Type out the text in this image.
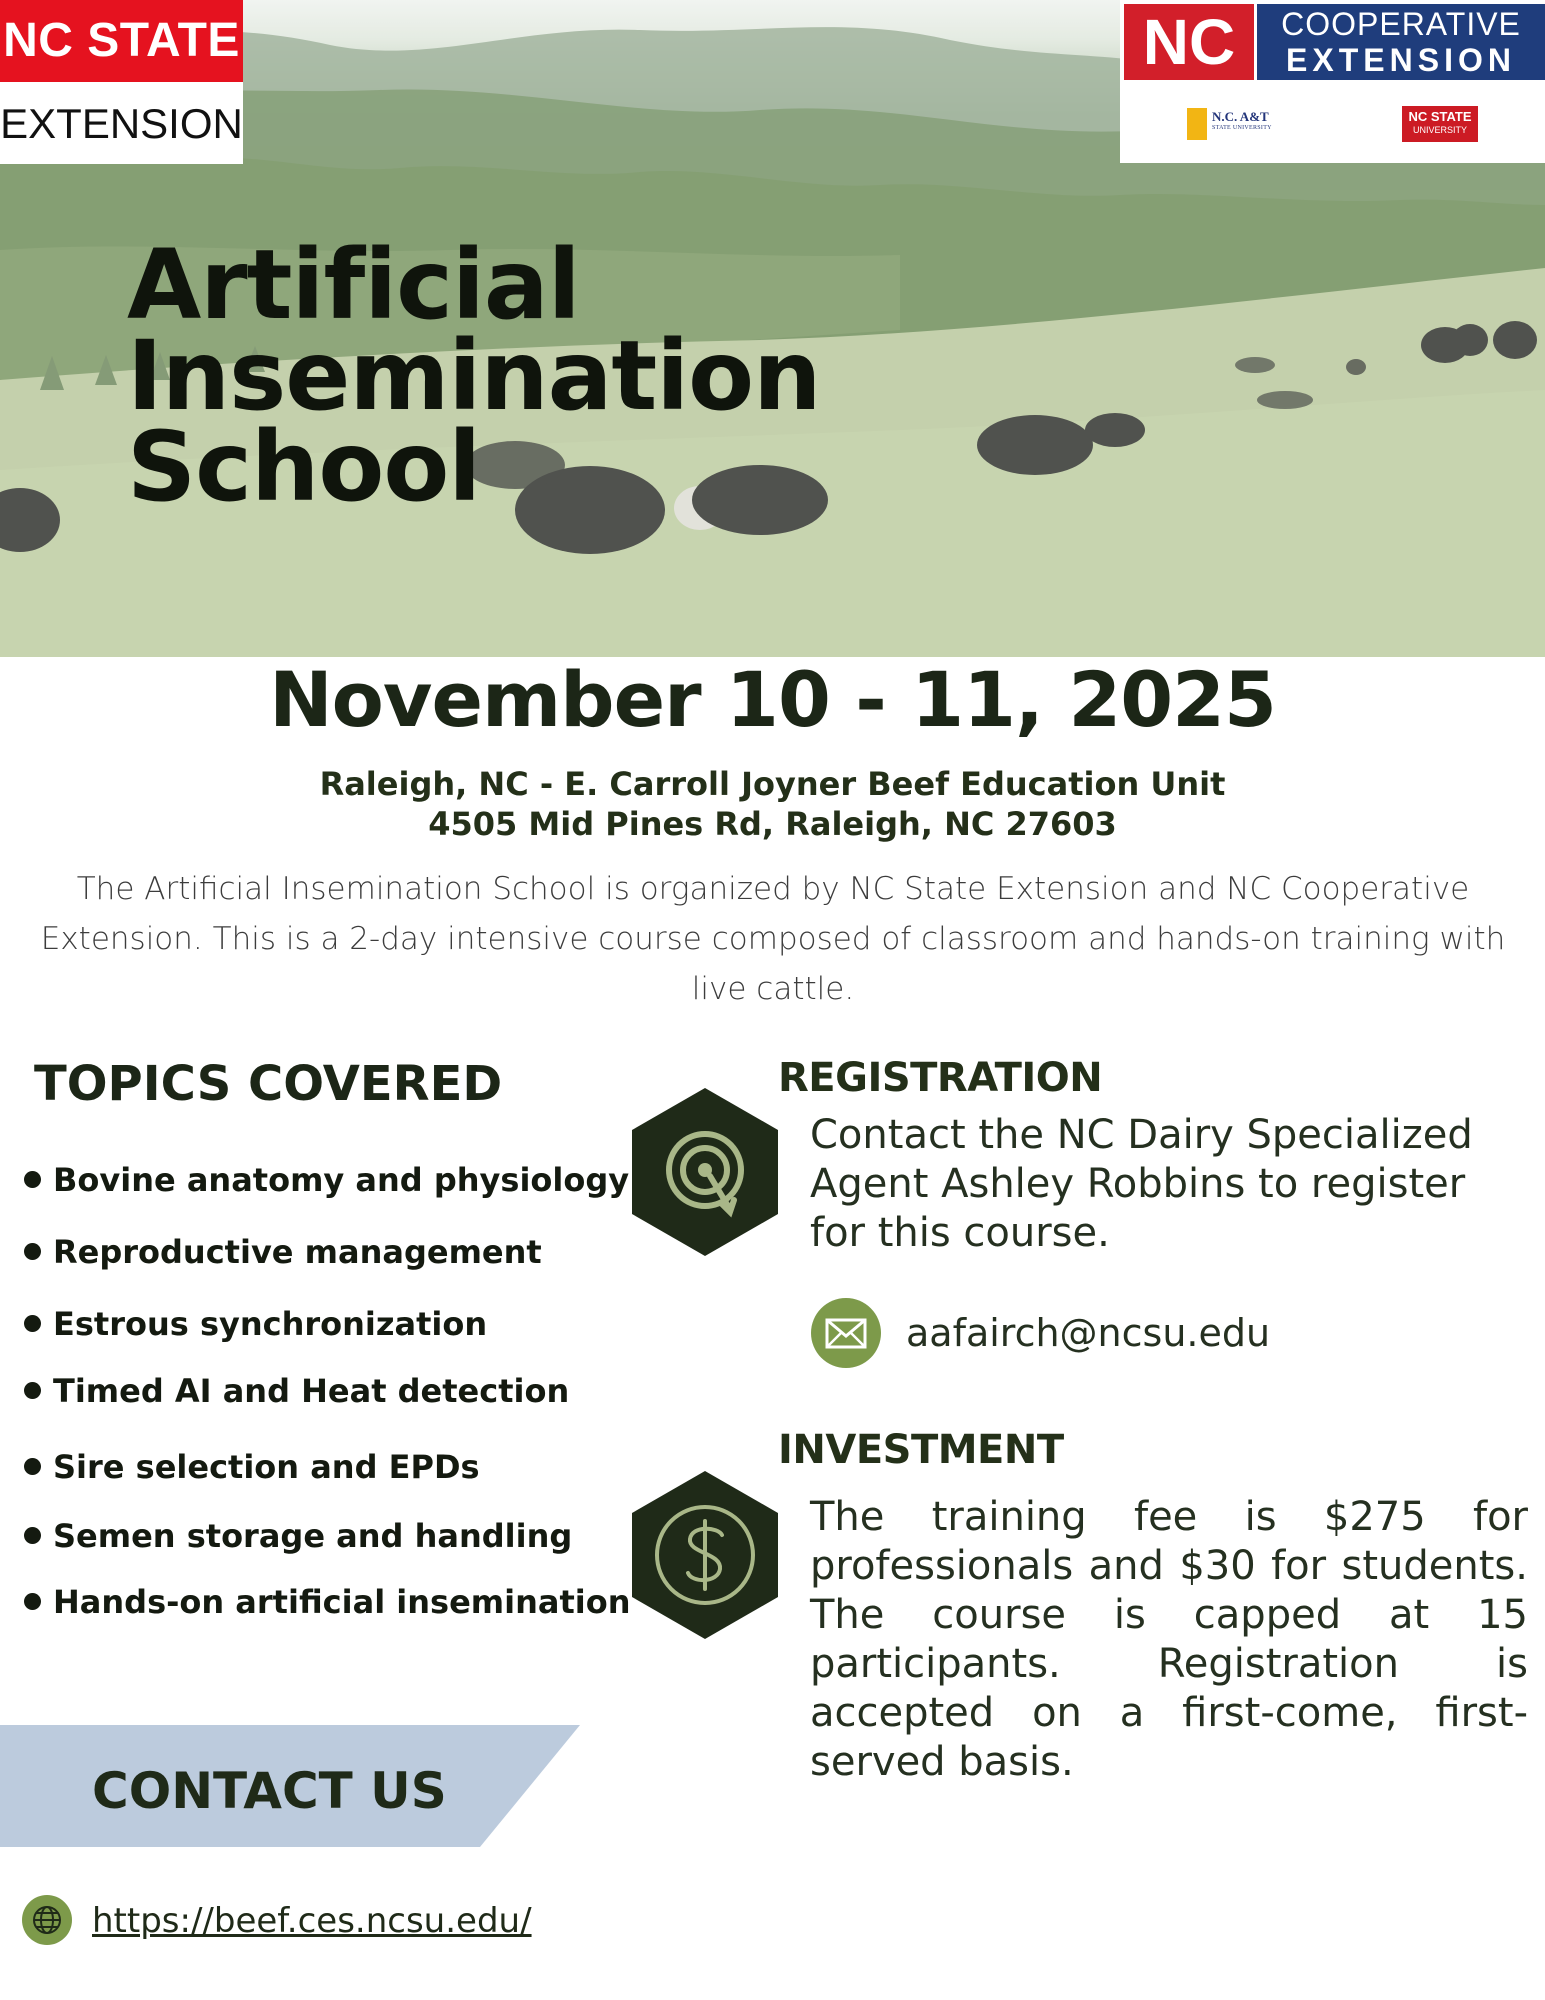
NC STATE
EXTENSION
NC	COOPERATIVE
EXTENSION
N.C. A&T
STATE UNIVERSITY
NC STATE
UNIVERSITY
Artificial
Insemination
School
November 10 - 11, 2025
Raleigh, NC - E. Carroll Joyner Beef Education Unit
4505 Mid Pines Rd, Raleigh, NC 27603
The Artificial Insemination School is organized by NC State Extension and NC Cooperative Extension. This is a 2-day intensive course composed of classroom and hands-on training with live cattle.
TOPICS COVERED
Bovine anatomy and physiology
Reproductive management
Estrous synchronization
Timed AI and Heat detection
Sire selection and EPDs
Semen storage and handling
Hands-on artificial insemination
REGISTRATION
Contact the NC Dairy Specialized Agent Ashley Robbins to register for this course.
aafairch@ncsu.edu
INVESTMENT
The training fee is $275 for professionals and $30 for students. The course is capped at 15 participants. Registration is accepted on a first-come, first-served basis.
CONTACT US
https://beef.ces.ncsu.edu/
